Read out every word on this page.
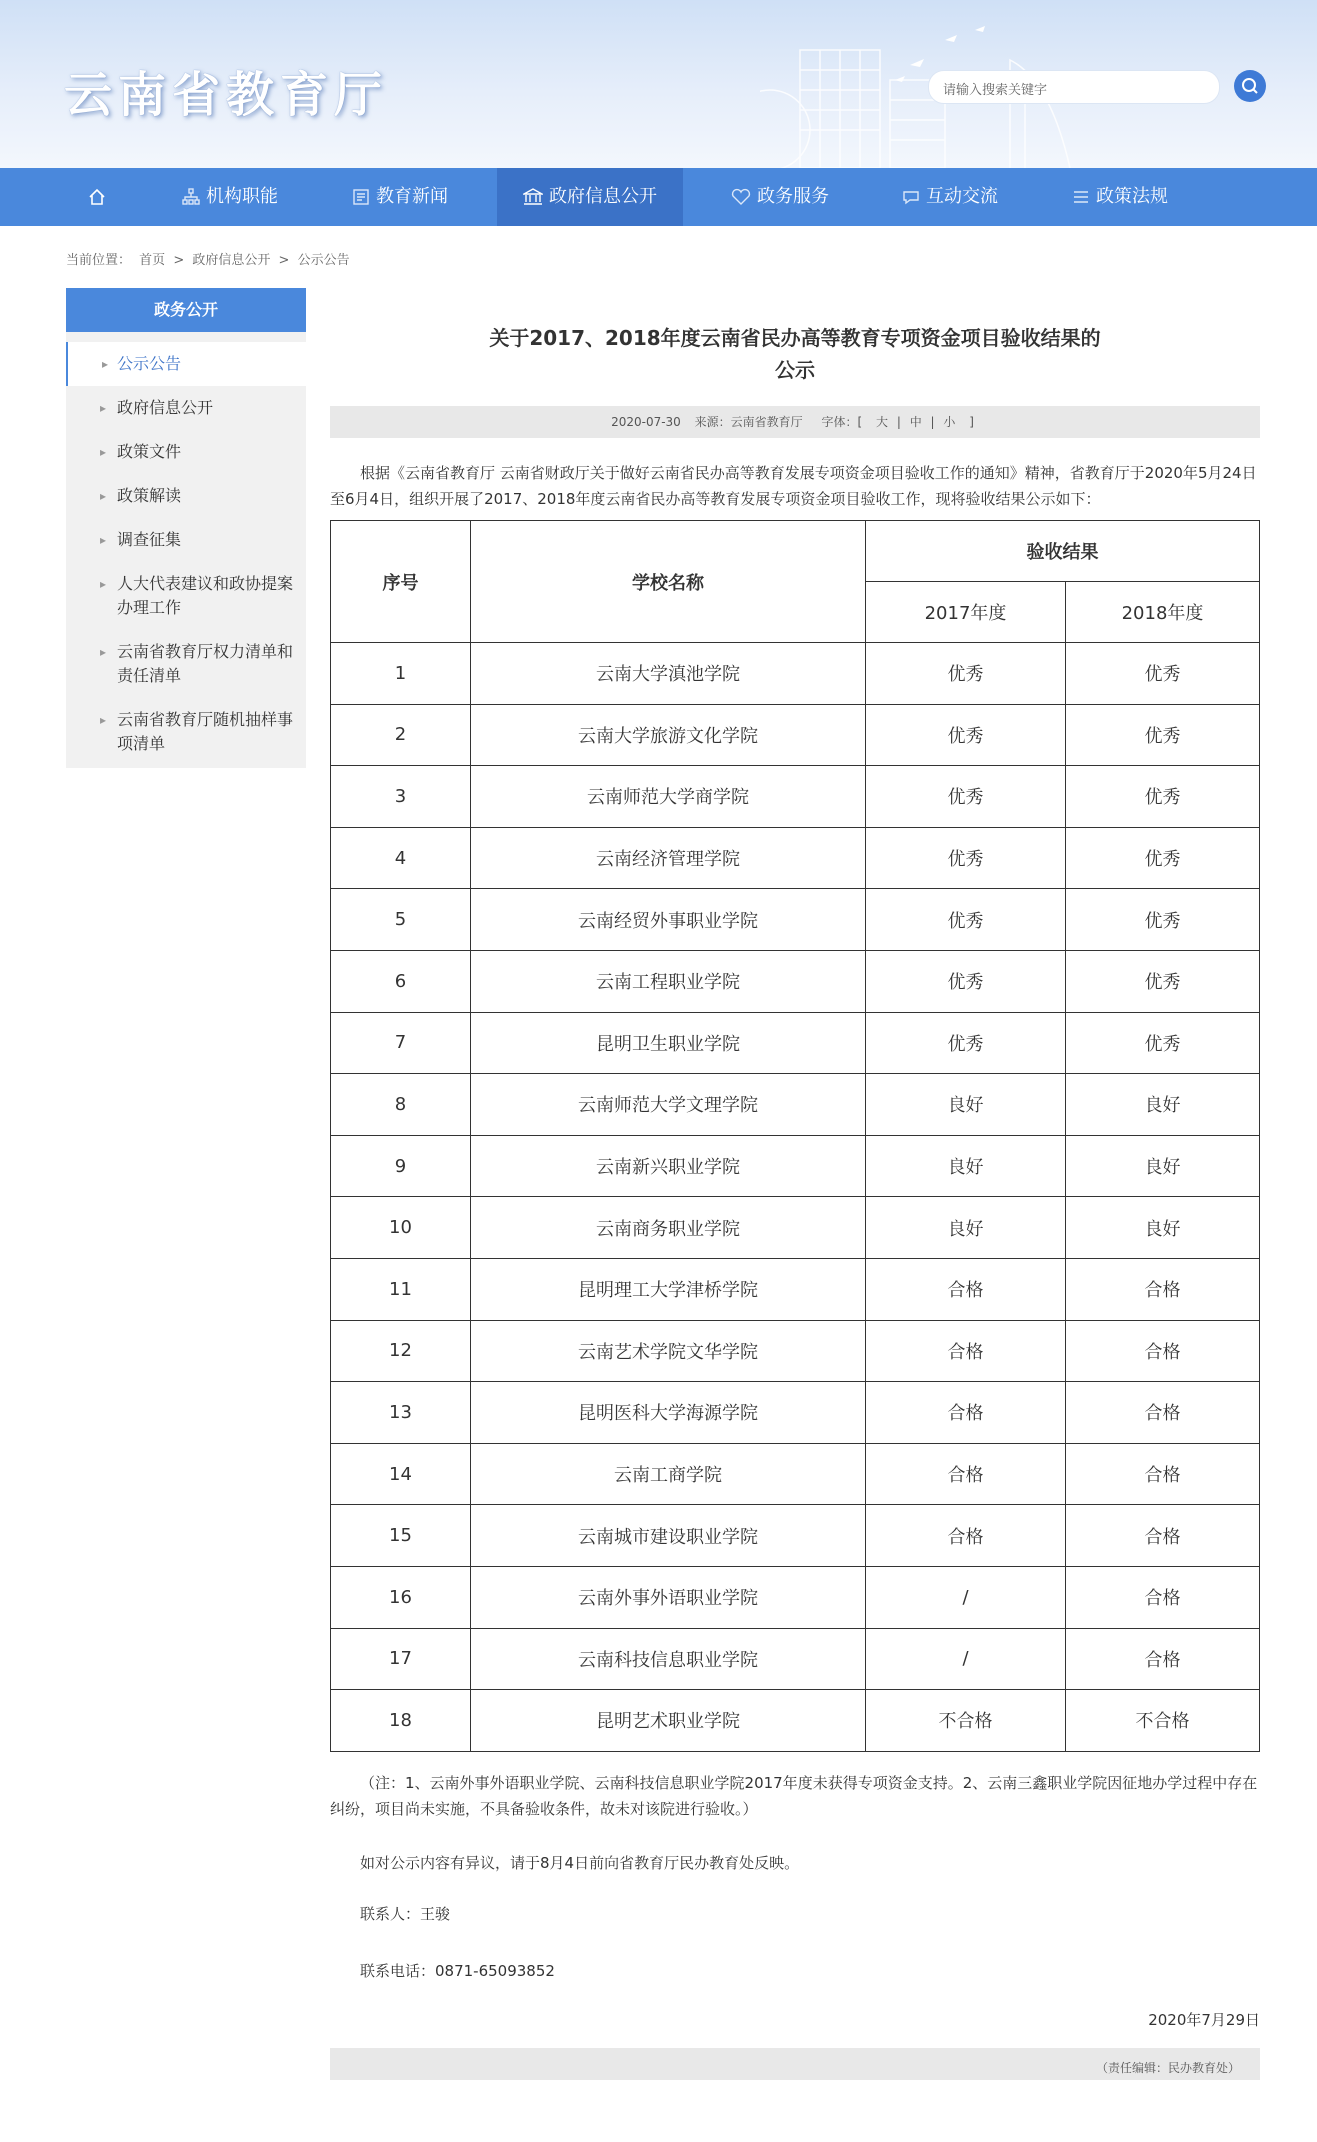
云南省教育厅	请输入搜索关键字
机构职能	教育新闻	政府信息公开	政务服务	互动交流	政策法规
当前位置： 首页 > 政府信息公开 > 公示公告
政务公开
▸ 公示公告
▸ 政府信息公开
▸ 政策文件
▸ 政策解读
▸ 调查征集
▸ 人大代表建议和政协提案办理工作
▸ 云南省教育厅权力清单和责任清单
▸ 云南省教育厅随机抽样事项清单
关于2017、2018年度云南省民办高等教育专项资金项目验收结果的
公示
2020-07-30 来源：云南省教育厅 字体：[ 大 | 中 | 小 ]
根据《云南省教育厅 云南省财政厅关于做好云南省民办高等教育发展专项资金项目验收工作的通知》精神，省教育厅于2020年5月24日至6月4日，组织开展了2017、2018年度云南省民办高等教育发展专项资金项目验收工作，现将验收结果公示如下：
序号	学校名称	验收结果	
		2017年度	2018年度
1	云南大学滇池学院	优秀	优秀
2	云南大学旅游文化学院	优秀	优秀
3	云南师范大学商学院	优秀	优秀
4	云南经济管理学院	优秀	优秀
5	云南经贸外事职业学院	优秀	优秀
6	云南工程职业学院	优秀	优秀
7	昆明卫生职业学院	优秀	优秀
8	云南师范大学文理学院	良好	良好
9	云南新兴职业学院	良好	良好
10	云南商务职业学院	良好	良好
11	昆明理工大学津桥学院	合格	合格
12	云南艺术学院文华学院	合格	合格
13	昆明医科大学海源学院	合格	合格
14	云南工商学院	合格	合格
15	云南城市建设职业学院	合格	合格
16	云南外事外语职业学院	/	合格
17	云南科技信息职业学院	/	合格
18	昆明艺术职业学院	不合格	不合格
（注：1、云南外事外语职业学院、云南科技信息职业学院2017年度未获得专项资金支持。2、云南三鑫职业学院因征地办学过程中存在纠纷，项目尚未实施，不具备验收条件，故未对该院进行验收。）
如对公示内容有异议，请于8月4日前向省教育厅民办教育处反映。
联系人：王骏
联系电话：0871-65093852
2020年7月29日
（责任编辑：民办教育处）
